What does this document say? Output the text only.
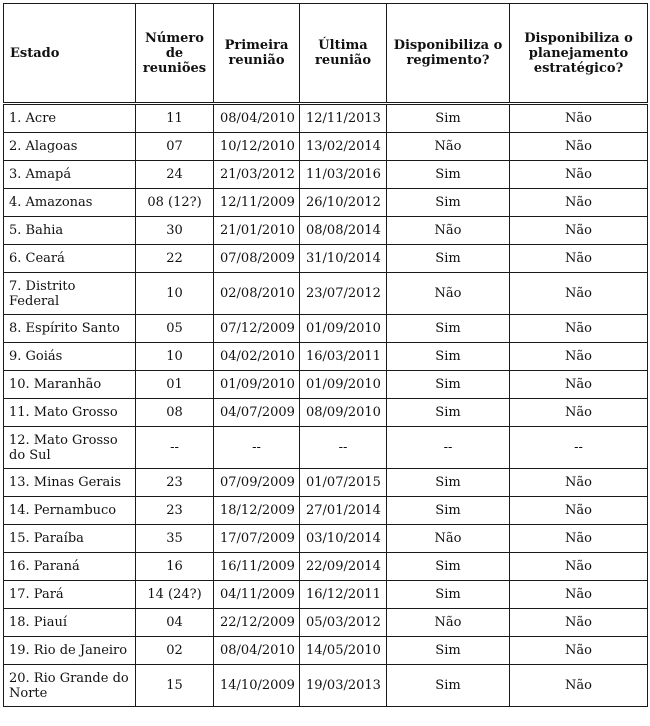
Estado	Número de reuniões	Primeira reunião	Última reunião	Disponibiliza o regimento?	Disponibiliza o planejamento estratégico?
1. Acre	11	08/04/2010	12/11/2013	Sim	Não
2. Alagoas	07	10/12/2010	13/02/2014	Não	Não
3. Amapá	24	21/03/2012	11/03/2016	Sim	Não
4. Amazonas	08 (12?)	12/11/2009	26/10/2012	Sim	Não
5. Bahia	30	21/01/2010	08/08/2014	Não	Não
6. Ceará	22	07/08/2009	31/10/2014	Sim	Não
7. Distrito Federal	10	02/08/2010	23/07/2012	Não	Não
8. Espírito Santo	05	07/12/2009	01/09/2010	Sim	Não
9. Goiás	10	04/02/2010	16/03/2011	Sim	Não
10. Maranhão	01	01/09/2010	01/09/2010	Sim	Não
11. Mato Grosso	08	04/07/2009	08/09/2010	Sim	Não
12. Mato Grosso do Sul	--	--	--	--	--
13. Minas Gerais	23	07/09/2009	01/07/2015	Sim	Não
14. Pernambuco	23	18/12/2009	27/01/2014	Sim	Não
15. Paraíba	35	17/07/2009	03/10/2014	Não	Não
16. Paraná	16	16/11/2009	22/09/2014	Sim	Não
17. Pará	14 (24?)	04/11/2009	16/12/2011	Sim	Não
18. Piauí	04	22/12/2009	05/03/2012	Não	Não
19. Rio de Janeiro	02	08/04/2010	14/05/2010	Sim	Não
20. Rio Grande do Norte	15	14/10/2009	19/03/2013	Sim	Não
